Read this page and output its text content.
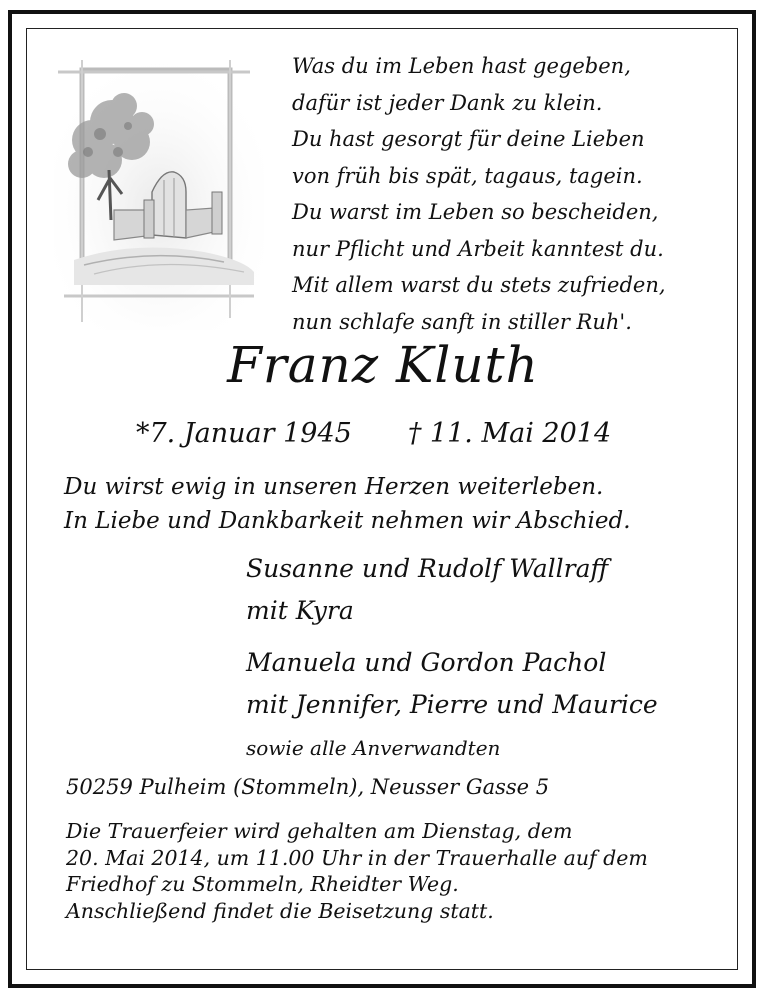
Was du im Leben hast gegeben,
dafür ist jeder Dank zu klein.
Du hast gesorgt für deine Lieben
von früh bis spät, tagaus, tagein.
Du warst im Leben so bescheiden,
nur Pflicht und Arbeit kanntest du.
Mit allem warst du stets zufrieden,
nun schlafe sanft in stiller Ruh'.
Franz Kluth
*7. Januar 1945 † 11. Mai 2014
Du wirst ewig in unseren Herzen weiterleben.
In Liebe und Dankbarkeit nehmen wir Abschied.
Susanne und Rudolf Wallraff
mit Kyra
Manuela und Gordon Pachol
mit Jennifer, Pierre und Maurice
sowie alle Anverwandten
50259 Pulheim (Stommeln), Neusser Gasse 5
Die Trauerfeier wird gehalten am Dienstag, dem
20. Mai 2014, um 11.00 Uhr in der Trauerhalle auf dem
Friedhof zu Stommeln, Rheidter Weg.
Anschließend findet die Beisetzung statt.
